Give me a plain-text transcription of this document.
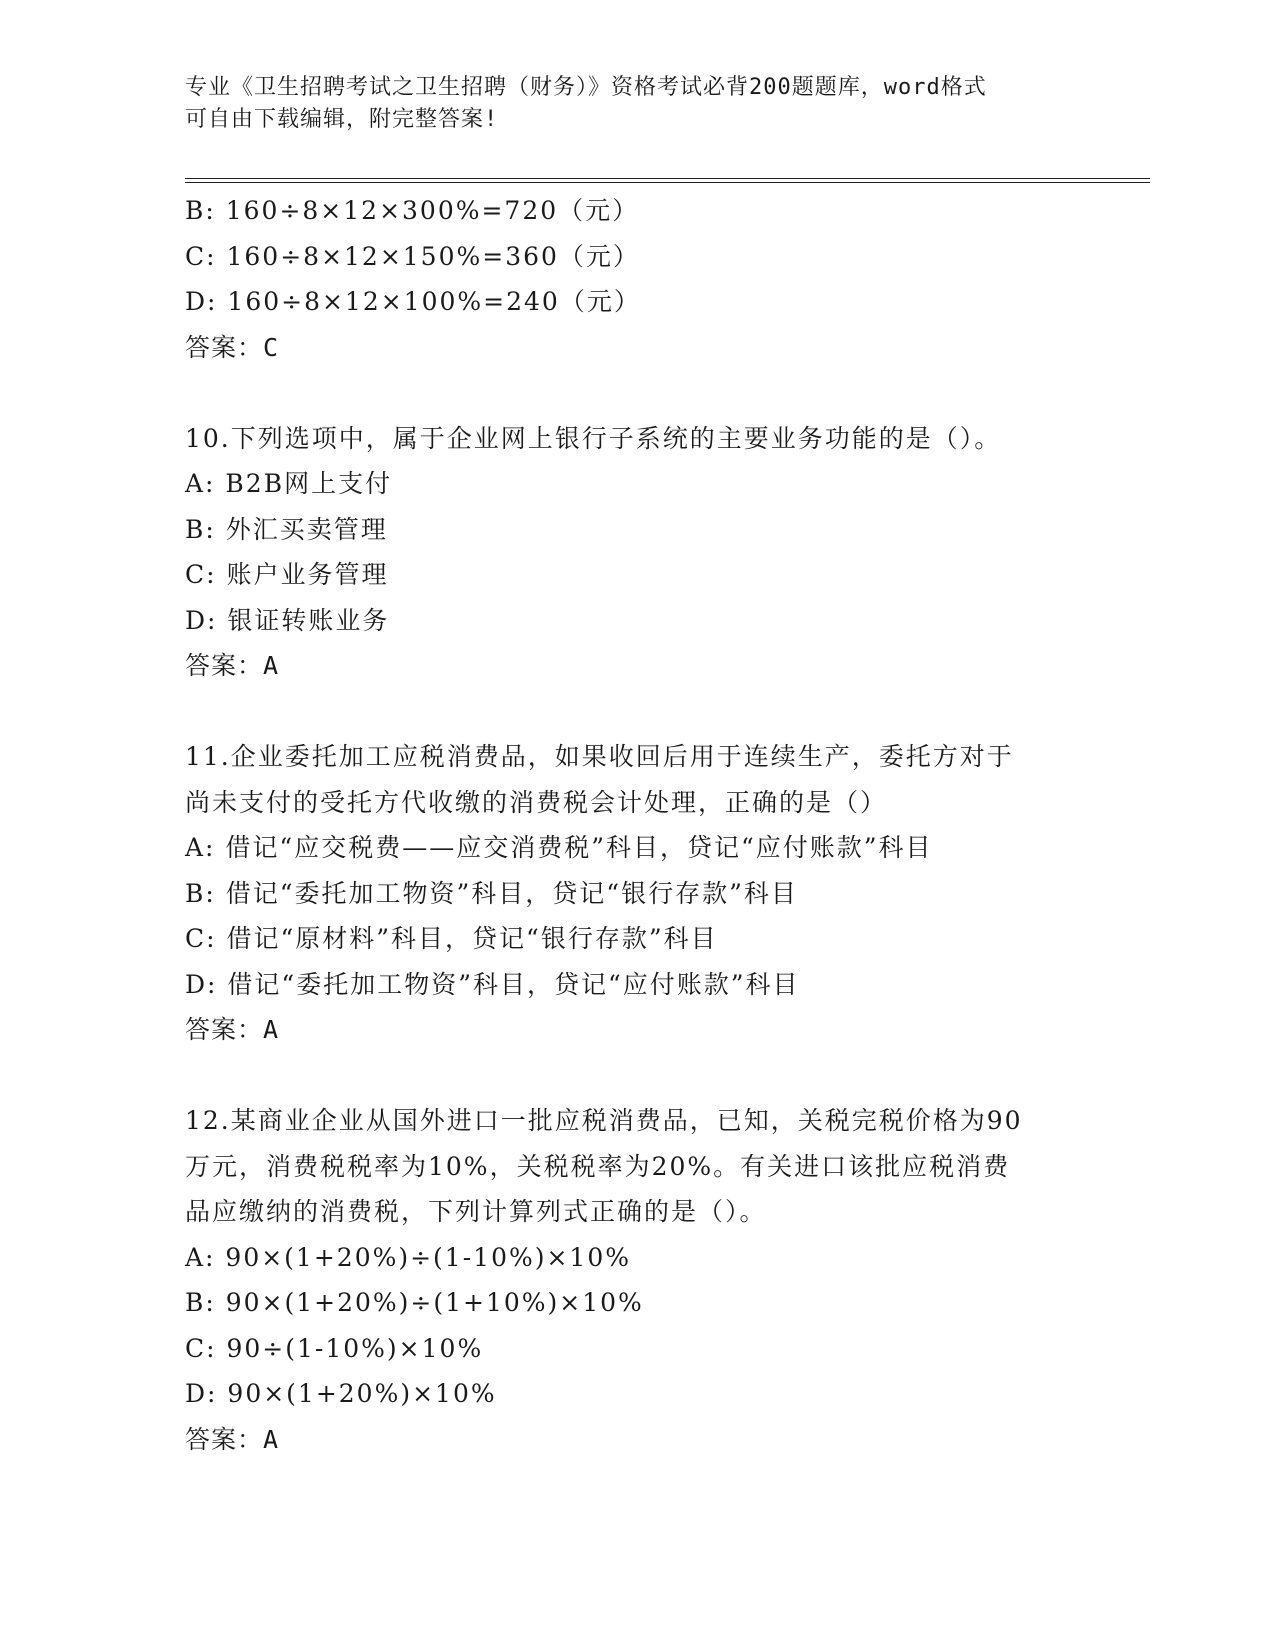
专业《卫生招聘考试之卫生招聘（财务）》资格考试必背200题题库，word格式
可自由下载编辑，附完整答案!
B: 160÷8×12×300%=720（元）
C: 160÷8×12×150%=360（元）
D: 160÷8×12×100%=240（元）
答案：C
10.下列选项中，属于企业网上银行子系统的主要业务功能的是（）。
A: B2B网上支付
B: 外汇买卖管理
C: 账户业务管理
D: 银证转账业务
答案：A
11.企业委托加工应税消费品，如果收回后用于连续生产，委托方对于
尚未支付的受托方代收缴的消费税会计处理，正确的是（）
A: 借记“应交税费——应交消费税”科目，贷记“应付账款”科目
B: 借记“委托加工物资”科目，贷记“银行存款”科目
C: 借记“原材料”科目，贷记“银行存款”科目
D: 借记“委托加工物资”科目，贷记“应付账款”科目
答案：A
12.某商业企业从国外进口一批应税消费品，已知，关税完税价格为90
万元，消费税税率为10%，关税税率为20%。有关进口该批应税消费
品应缴纳的消费税，下列计算列式正确的是（）。
A: 90×(1+20%)÷(1-10%)×10%
B: 90×(1+20%)÷(1+10%)×10%
C: 90÷(1-10%)×10%
D: 90×(1+20%)×10%
答案：A
